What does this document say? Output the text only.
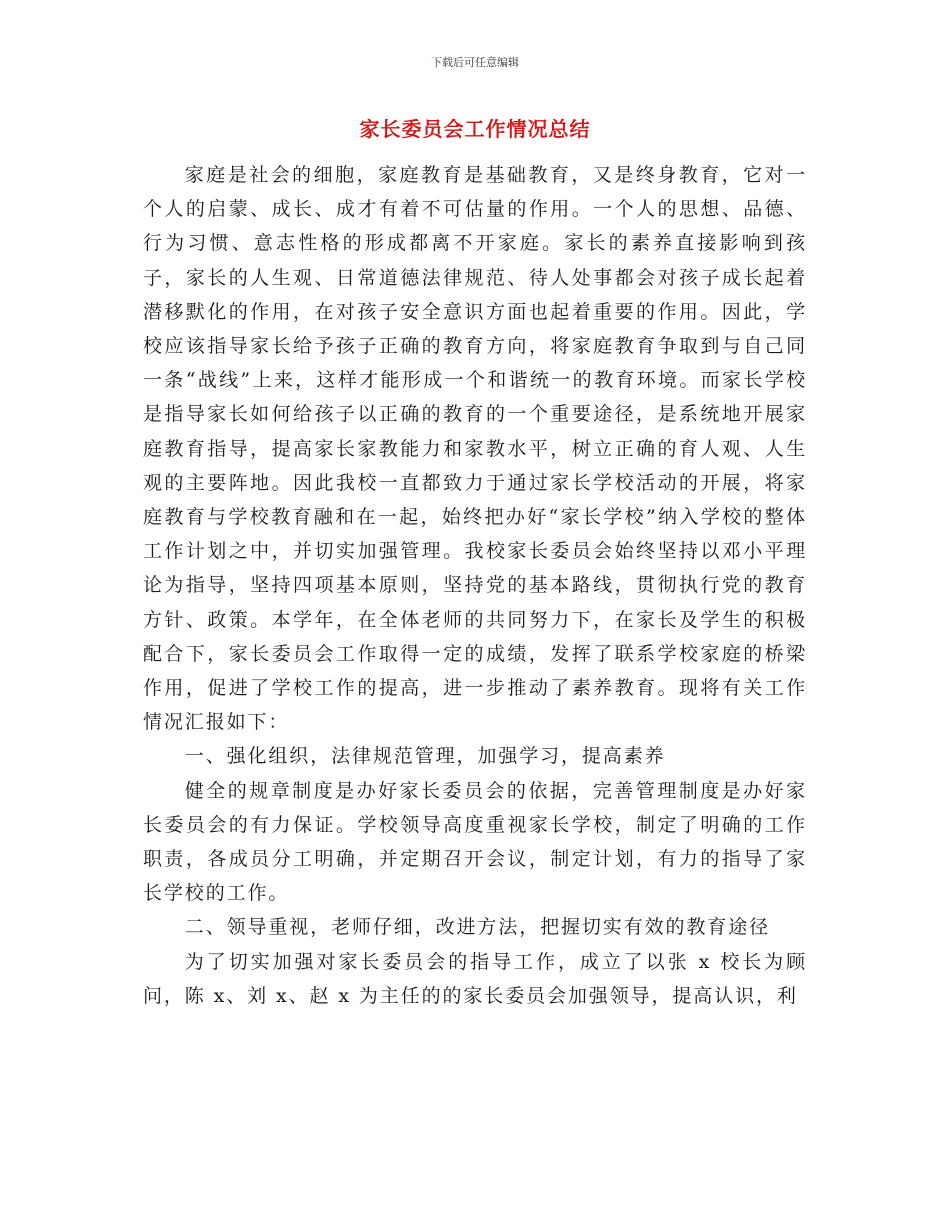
下载后可任意编辑
家长委员会工作情况总结

家庭是社会的细胞，家庭教育是基础教育，又是终身教育，它对一个人的启蒙、成长、成才有着不可估量的作用。一个人的思想、品德、行为习惯、意志性格的形成都离不开家庭。家长的素养直接影响到孩子，家长的人生观、日常道德法律规范、待人处事都会对孩子成长起着潜移默化的作用，在对孩子安全意识方面也起着重要的作用。因此，学校应该指导家长给予孩子正确的教育方向，将家庭教育争取到与自己同一条“战线”上来，这样才能形成一个和谐统一的教育环境。而家长学校是指导家长如何给孩子以正确的教育的一个重要途径，是系统地开展家庭教育指导，提高家长家教能力和家教水平，树立正确的育人观、人生观的主要阵地。因此我校一直都致力于通过家长学校活动的开展，将家庭教育与学校教育融和在一起，始终把办好“家长学校”纳入学校的整体工作计划之中，并切实加强管理。我校家长委员会始终坚持以邓小平理论为指导，坚持四项基本原则，坚持党的基本路线，贯彻执行党的教育方针、政策。本学年，在全体老师的共同努力下，在家长及学生的积极配合下，家长委员会工作取得一定的成绩，发挥了联系学校家庭的桥梁作用，促进了学校工作的提高，进一步推动了素养教育。现将有关工作情况汇报如下：

一、强化组织，法律规范管理，加强学习，提高素养

健全的规章制度是办好家长委员会的依据，完善管理制度是办好家长委员会的有力保证。学校领导高度重视家长学校，制定了明确的工作职责，各成员分工明确，并定期召开会议，制定计划，有力的指导了家长学校的工作。

二、领导重视，老师仔细，改进方法，把握切实有效的教育途径

为了切实加强对家长委员会的指导工作，成立了以张 x 校长为顾问，陈 x、刘 x、赵 x 为主任的的家长委员会加强领导，提高认识，利
